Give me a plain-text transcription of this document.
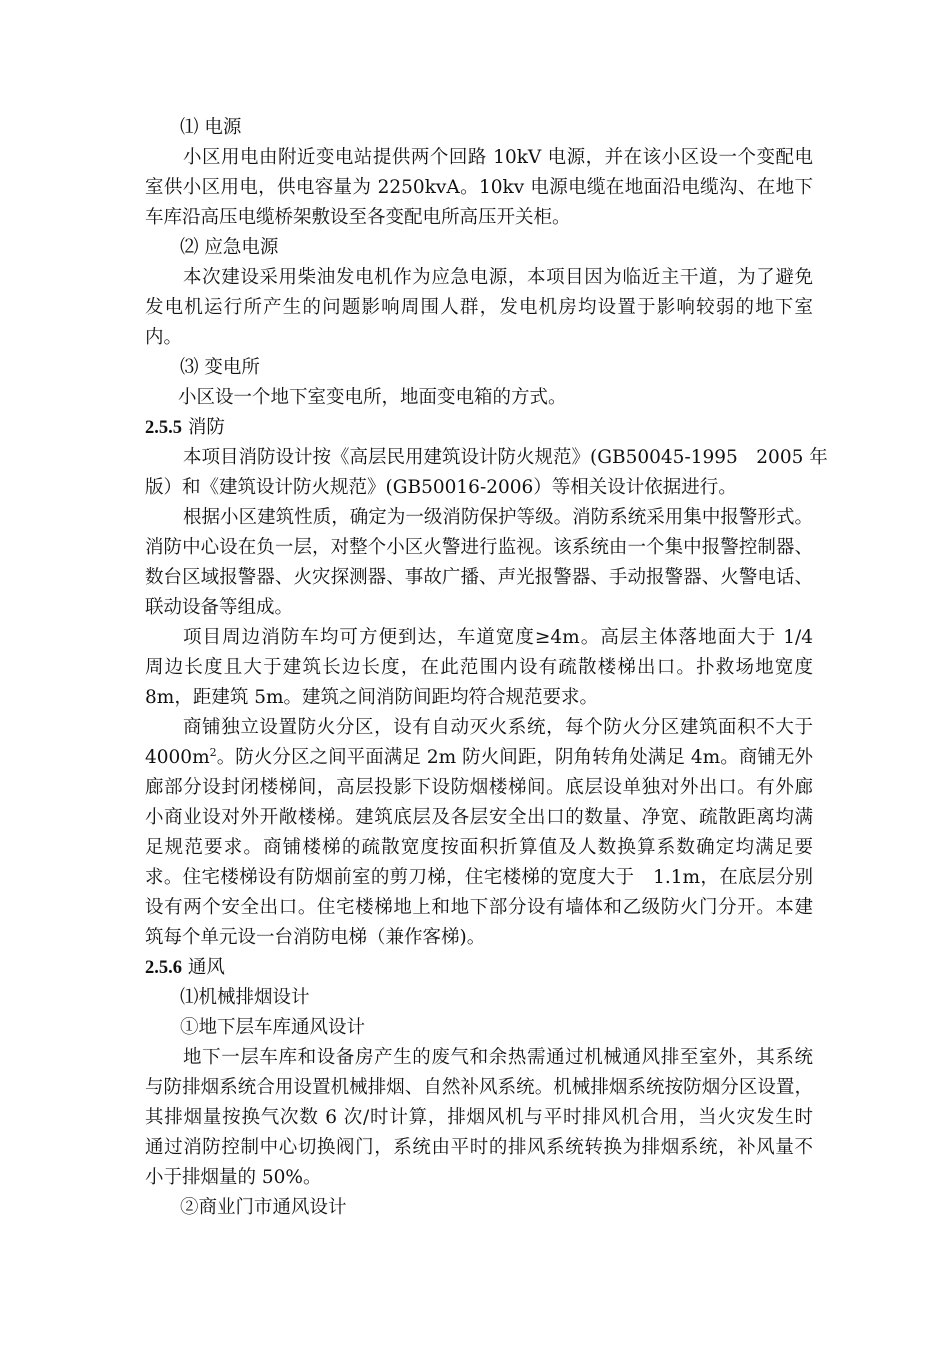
⑴ 电源
小区用电由附近变电站提供两个回路 10kV 电源，并在该小区设一个变配电
室供小区用电，供电容量为 2250kvA。10kv 电源电缆在地面沿电缆沟、在地下
车库沿高压电缆桥架敷设至各变配电所高压开关柜。
⑵ 应急电源
本次建设采用柴油发电机作为应急电源，本项目因为临近主干道，为了避免
发电机运行所产生的问题影响周围人群，发电机房均设置于影响较弱的地下室
内。
⑶ 变电所
小区设一个地下室变电所，地面变电箱的方式。
2.5.5 消防
本项目消防设计按《高层民用建筑设计防火规范》(GB50045-1995　2005 年
版）和《建筑设计防火规范》(GB50016-2006）等相关设计依据进行。
根据小区建筑性质，确定为一级消防保护等级。消防系统采用集中报警形式。
消防中心设在负一层，对整个小区火警进行监视。该系统由一个集中报警控制器、
数台区域报警器、火灾探测器、事故广播、声光报警器、手动报警器、火警电话、
联动设备等组成。
项目周边消防车均可方便到达，车道宽度≥4m。高层主体落地面大于 1/4
周边长度且大于建筑长边长度，在此范围内设有疏散楼梯出口。扑救场地宽度
8m，距建筑 5m。建筑之间消防间距均符合规范要求。
商铺独立设置防火分区，设有自动灭火系统，每个防火分区建筑面积不大于
$4000m^2$。防火分区之间平面满足 2m 防火间距，阴角转角处满足 4m。商铺无外
廊部分设封闭楼梯间，高层投影下设防烟楼梯间。底层设单独对外出口。有外廊
小商业设对外开敞楼梯。建筑底层及各层安全出口的数量、净宽、疏散距离均满
足规范要求。商铺楼梯的疏散宽度按面积折算值及人数换算系数确定均满足要
求。住宅楼梯设有防烟前室的剪刀梯，住宅楼梯的宽度大于　1.1m，在底层分别
设有两个安全出口。住宅楼梯地上和地下部分设有墙体和乙级防火门分开。本建
筑每个单元设一台消防电梯（兼作客梯)。
2.5.6 通风
⑴机械排烟设计
①地下层车库通风设计
地下一层车库和设备房产生的废气和余热需通过机械通风排至室外，其系统
与防排烟系统合用设置机械排烟、自然补风系统。机械排烟系统按防烟分区设置，
其排烟量按换气次数 6 次/时计算，排烟风机与平时排风机合用，当火灾发生时
通过消防控制中心切换阀门，系统由平时的排风系统转换为排烟系统，补风量不
小于排烟量的 50%。
②商业门市通风设计
